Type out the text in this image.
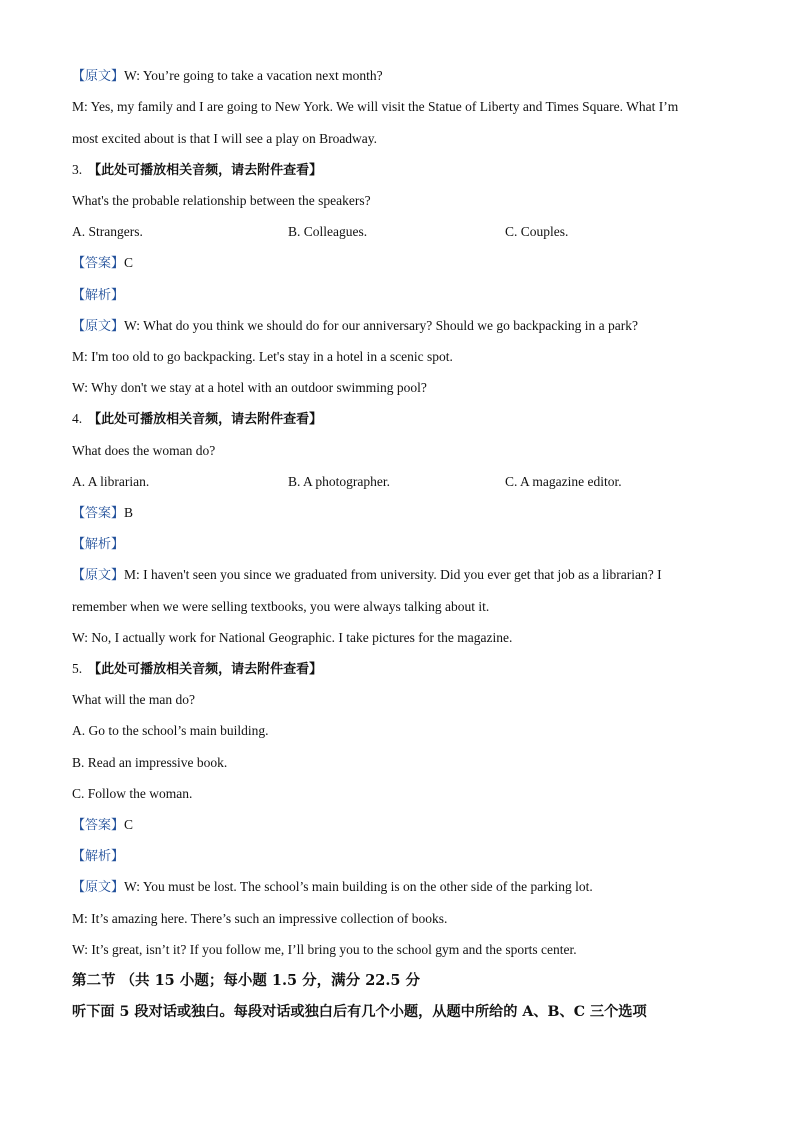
【原文】W: You’re going to take a vacation next month?
M: Yes, my family and I are going to New York. We will visit the Statue of Liberty and Times Square. What I’m
most excited about is that I will see a play on Broadway.
3. 【此处可播放相关音频，请去附件查看】
What's the probable relationship between the speakers?
A. Strangers.	B. Colleagues.	C. Couples.
【答案】C
【解析】
【原文】W: What do you think we should do for our anniversary? Should we go backpacking in a park?
M: I'm too old to go backpacking. Let's stay in a hotel in a scenic spot.
W: Why don't we stay at a hotel with an outdoor swimming pool?
4. 【此处可播放相关音频，请去附件查看】
What does the woman do?
A. A librarian.	B. A photographer.	C. A magazine editor.
【答案】B
【解析】
【原文】M: I haven't seen you since we graduated from university. Did you ever get that job as a librarian? I
remember when we were selling textbooks, you were always talking about it.
W: No, I actually work for National Geographic. I take pictures for the magazine.
5. 【此处可播放相关音频，请去附件查看】
What will the man do?
A. Go to the school’s main building.
B. Read an impressive book.
C. Follow the woman.
【答案】C
【解析】
【原文】W: You must be lost. The school’s main building is on the other side of the parking lot.
M: It’s amazing here. There’s such an impressive collection of books.
W: It’s great, isn’t it? If you follow me, I’ll bring you to the school gym and the sports center.
第二节 （共 15 小题；每小题 1.5 分，满分 22.5 分
听下面 5 段对话或独白。每段对话或独白后有几个小题，从题中所给的 A、B、C 三个选项
